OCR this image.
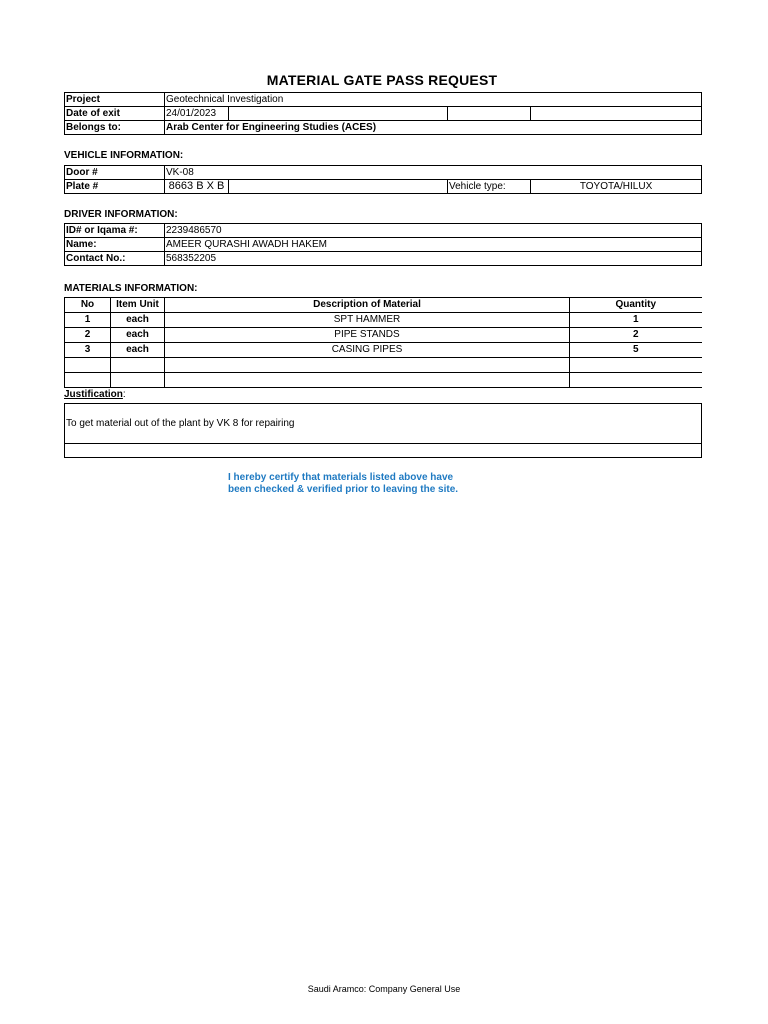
MATERIAL GATE PASS REQUEST
Project	Geotechnical Investigation			
Date of exit	24/01/2023			
Belongs to:	Arab Center for Engineering Studies (ACES)			
VEHICLE INFORMATION:
Door #	VK-08			
Plate #	8663 B X B		Vehicle type:	TOYOTA/HILUX
DRIVER INFORMATION:
ID# or Iqama #:	2239486570
Name:	AMEER QURASHI AWADH HAKEM
Contact No.:	568352205
MATERIALS INFORMATION:
No	Item Unit	Description of Material	Quantity
1	each	SPT HAMMER	1
2	each	PIPE STANDS	2
3	each	CASING PIPES	5

Justification:
To get material out of the plant by VK 8 for repairing

I hereby certify that materials listed above have
been checked & verified prior to leaving the site.
Saudi Aramco: Company General Use
